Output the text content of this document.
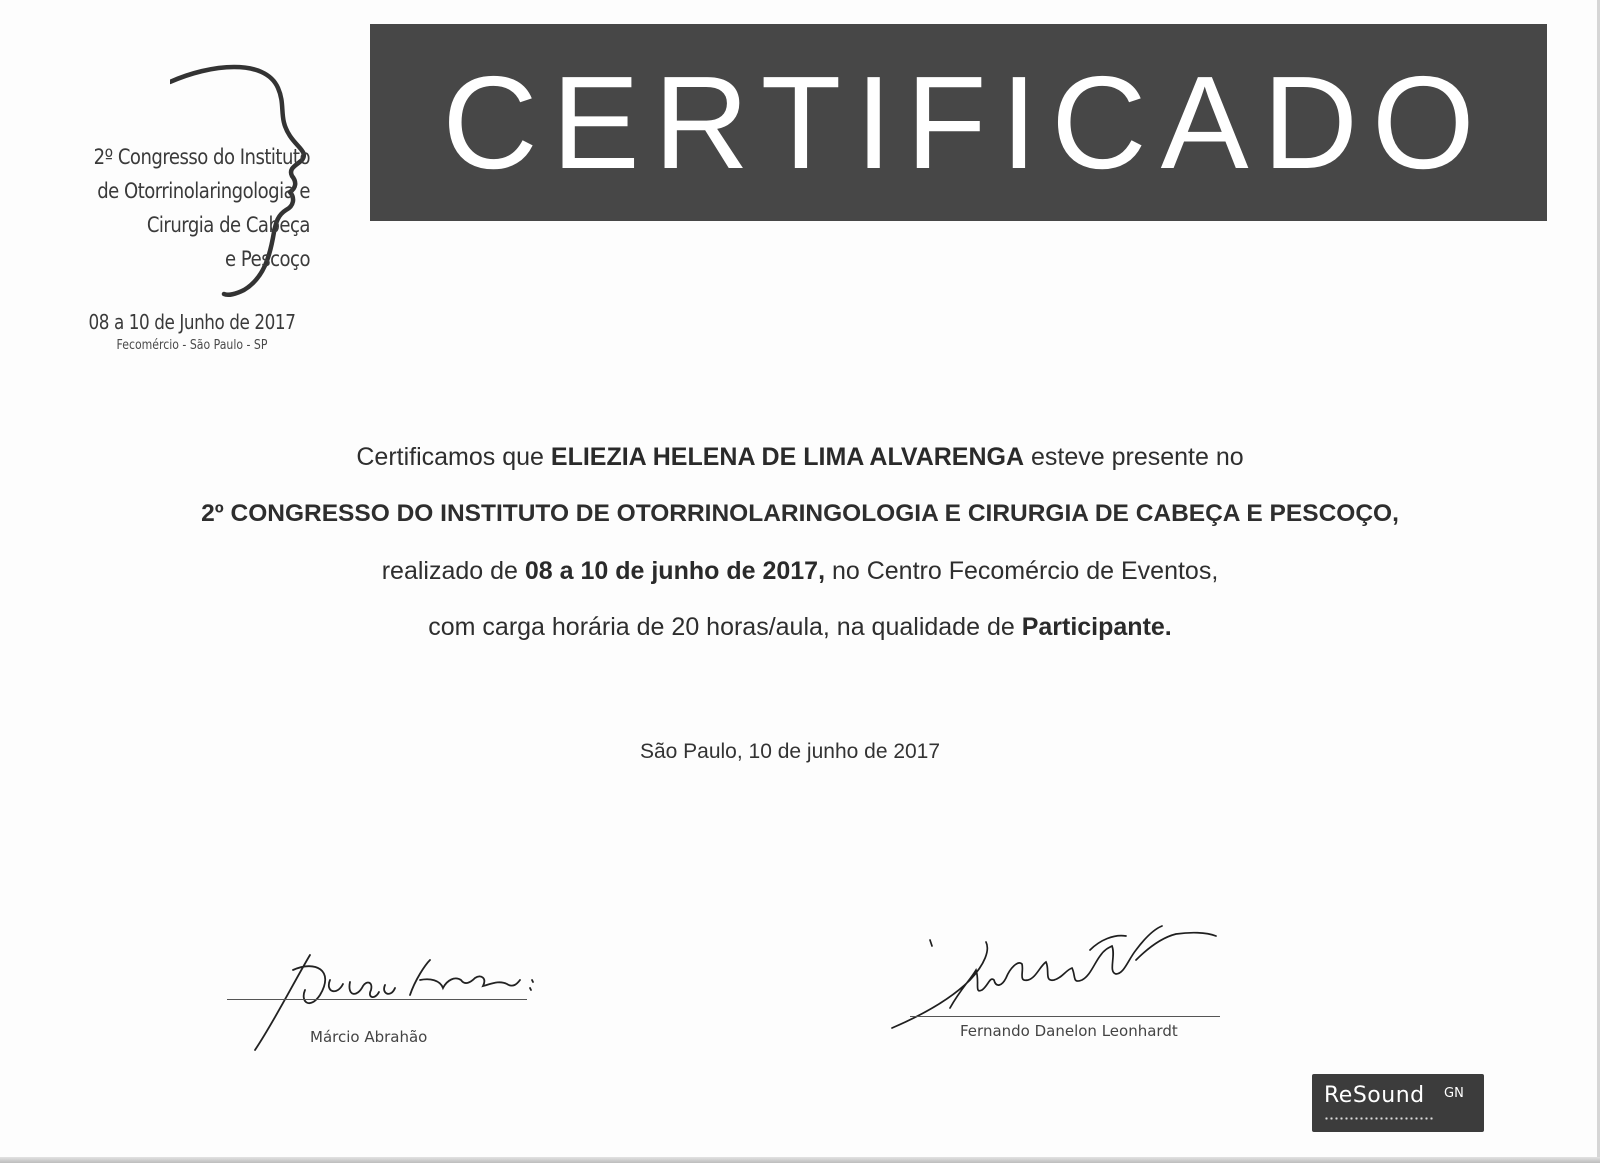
2º Congresso do Instituto
de Otorrinolaringologia e
Cirurgia de Cabeça
e Pescoço
08 a 10 de Junho de 2017
Fecomércio - São Paulo - SP
CERTIFICADO
Certificamos que ELIEZIA HELENA DE LIMA ALVARENGA esteve presente no
2º CONGRESSO DO INSTITUTO DE OTORRINOLARINGOLOGIA E CIRURGIA DE CABEÇA E PESCOÇO,
realizado de 08 a 10 de junho de 2017, no Centro Fecomércio de Eventos,
com carga horária de 20 horas/aula, na qualidade de Participante.
São Paulo, 10 de junho de 2017
Márcio Abrahão	Fernando Danelon Leonhardt
ReSound GN
